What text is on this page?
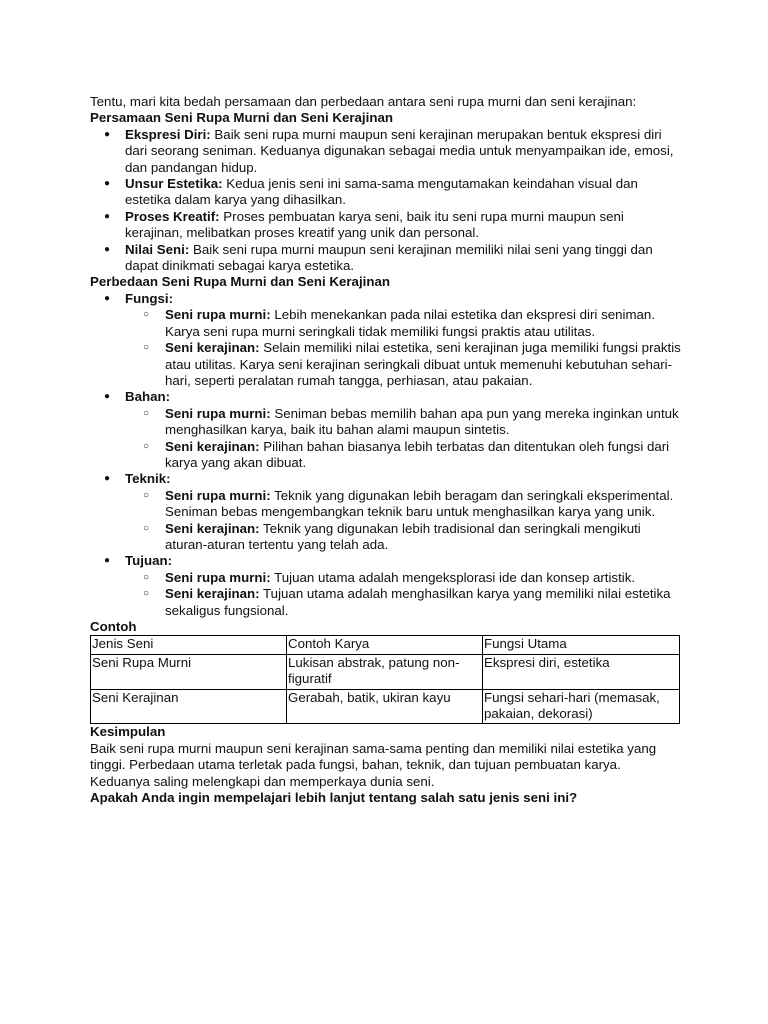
Tentu, mari kita bedah persamaan dan perbedaan antara seni rupa murni dan seni kerajinan:

Persamaan Seni Rupa Murni dan Seni Kerajinan

● Ekspresi Diri: Baik seni rupa murni maupun seni kerajinan merupakan bentuk ekspresi diri dari seorang seniman. Keduanya digunakan sebagai media untuk menyampaikan ide, emosi, dan pandangan hidup.
● Unsur Estetika: Kedua jenis seni ini sama-sama mengutamakan keindahan visual dan estetika dalam karya yang dihasilkan.
● Proses Kreatif: Proses pembuatan karya seni, baik itu seni rupa murni maupun seni kerajinan, melibatkan proses kreatif yang unik dan personal.
● Nilai Seni: Baik seni rupa murni maupun seni kerajinan memiliki nilai seni yang tinggi dan dapat dinikmati sebagai karya estetika.

Perbedaan Seni Rupa Murni dan Seni Kerajinan

● Fungsi:
○ Seni rupa murni: Lebih menekankan pada nilai estetika dan ekspresi diri seniman. Karya seni rupa murni seringkali tidak memiliki fungsi praktis atau utilitas.
○ Seni kerajinan: Selain memiliki nilai estetika, seni kerajinan juga memiliki fungsi praktis atau utilitas. Karya seni kerajinan seringkali dibuat untuk memenuhi kebutuhan sehari-hari, seperti peralatan rumah tangga, perhiasan, atau pakaian.
● Bahan:
○ Seni rupa murni: Seniman bebas memilih bahan apa pun yang mereka inginkan untuk menghasilkan karya, baik itu bahan alami maupun sintetis.
○ Seni kerajinan: Pilihan bahan biasanya lebih terbatas dan ditentukan oleh fungsi dari karya yang akan dibuat.
● Teknik:
○ Seni rupa murni: Teknik yang digunakan lebih beragam dan seringkali eksperimental. Seniman bebas mengembangkan teknik baru untuk menghasilkan karya yang unik.
○ Seni kerajinan: Teknik yang digunakan lebih tradisional dan seringkali mengikuti aturan-aturan tertentu yang telah ada.
● Tujuan:
○ Seni rupa murni: Tujuan utama adalah mengeksplorasi ide dan konsep artistik.
○ Seni kerajinan: Tujuan utama adalah menghasilkan karya yang memiliki nilai estetika sekaligus fungsional.

Contoh

Jenis Seni	Contoh Karya	Fungsi Utama
Seni Rupa Murni	Lukisan abstrak, patung non-figuratif	Ekspresi diri, estetika
Seni Kerajinan	Gerabah, batik, ukiran kayu	Fungsi sehari-hari (memasak, pakaian, dekorasi)

Kesimpulan

Baik seni rupa murni maupun seni kerajinan sama-sama penting dan memiliki nilai estetika yang tinggi. Perbedaan utama terletak pada fungsi, bahan, teknik, dan tujuan pembuatan karya. Keduanya saling melengkapi dan memperkaya dunia seni.

Apakah Anda ingin mempelajari lebih lanjut tentang salah satu jenis seni ini?
